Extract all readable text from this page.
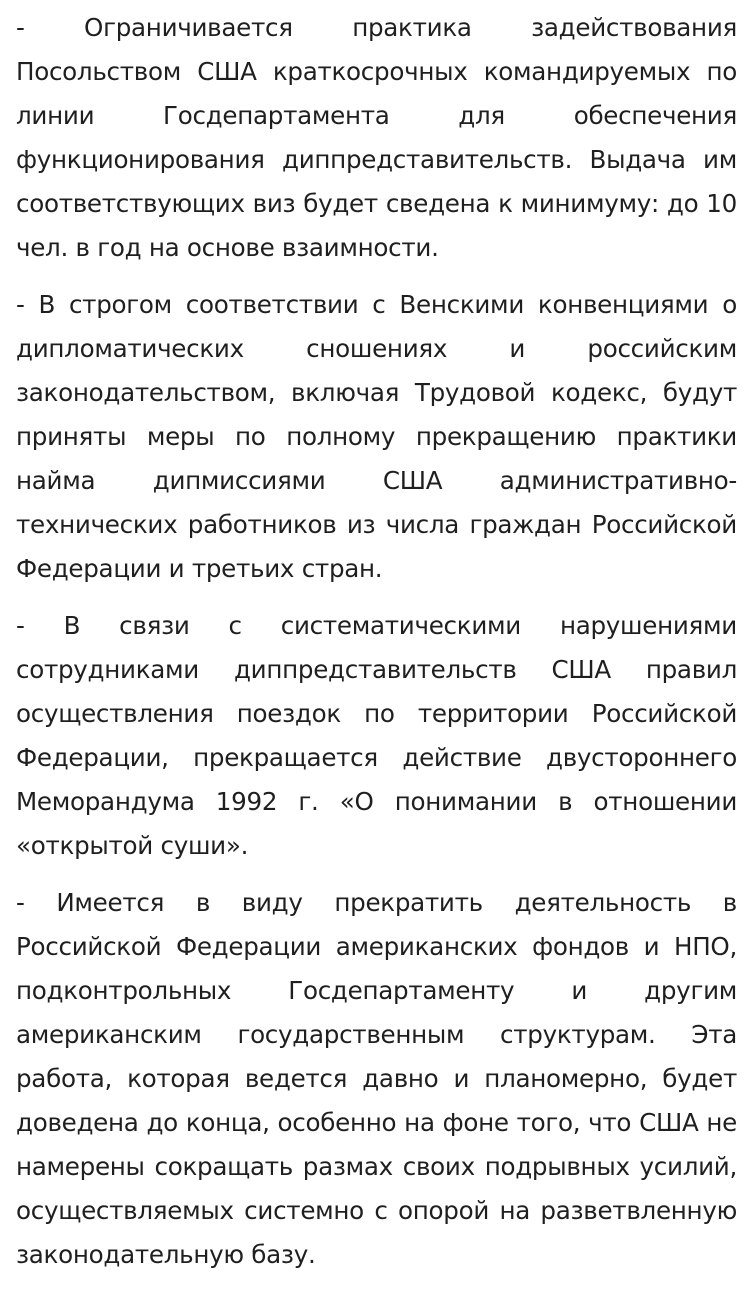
- Ограничивается практика задействования Посольством США краткосрочных командируемых по линии Госдепартамента для обеспечения функционирования диппредставительств. Выдача им соответствующих виз будет сведена к минимуму: до 10 чел. в год на основе взаимности.

- В строгом соответствии с Венскими конвенциями о дипломатических сношениях и российским законодательством, включая Трудовой кодекс, будут приняты меры по полному прекращению практики найма дипмиссиями США административно-технических работников из числа граждан Российской Федерации и третьих стран.

- В связи с систематическими нарушениями сотрудниками диппредставительств США правил осуществления поездок по территории Российской Федерации, прекращается действие двустороннего Меморандума 1992 г. «О понимании в отношении «открытой суши».

- Имеется в виду прекратить деятельность в Российской Федерации американских фондов и НПО, подконтрольных Госдепартаменту и другим американским государственным структурам. Эта работа, которая ведется давно и планомерно, будет доведена до конца, особенно на фоне того, что США не намерены сокращать размах своих подрывных усилий, осуществляемых системно с опорой на разветвленную законодательную базу.
